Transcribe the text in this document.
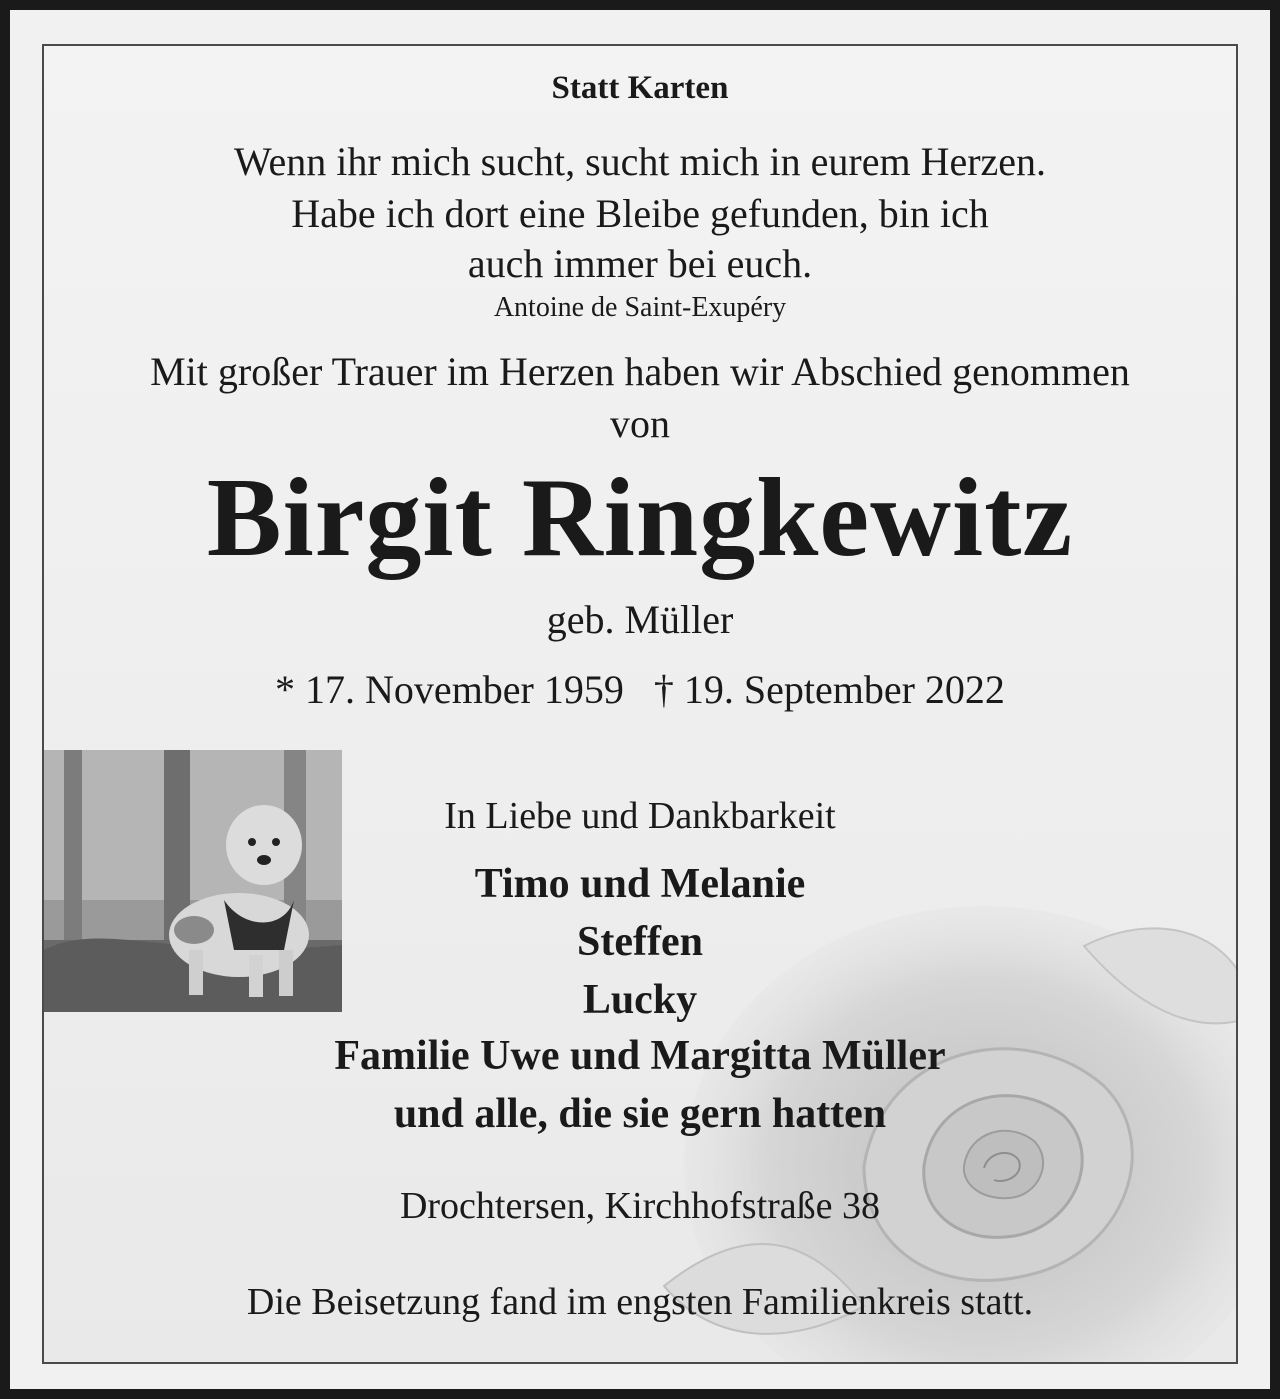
Statt Karten
Wenn ihr mich sucht, sucht mich in eurem Herzen.
Habe ich dort eine Bleibe gefunden, bin ich
auch immer bei euch.
Antoine de Saint-Exupéry
Mit großer Trauer im Herzen haben wir Abschied genommen
von
Birgit Ringkewitz
geb. Müller
* 17. November 1959   † 19. September 2022
In Liebe und Dankbarkeit
Timo und Melanie
Steffen
Lucky
Familie Uwe und Margitta Müller
und alle, die sie gern hatten
Drochtersen, Kirchhofstraße 38
Die Beisetzung fand im engsten Familienkreis statt.
